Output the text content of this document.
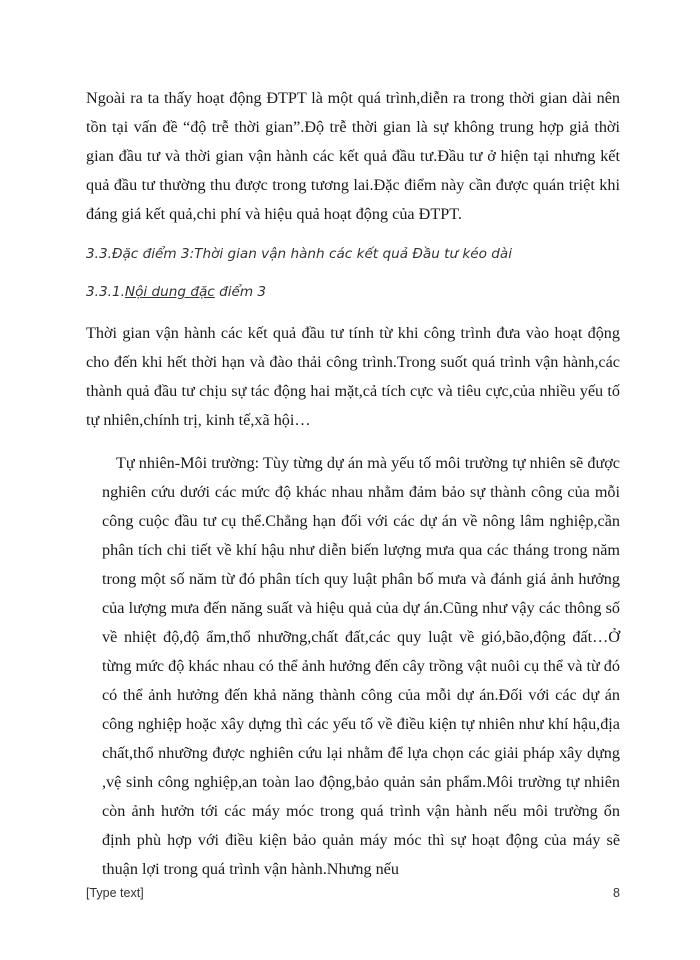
Ngoài ra ta thấy hoạt động ĐTPT là một quá trình,diễn ra trong thời gian dài nên tồn tại vấn đề “độ trễ thời gian”.Độ trễ thời gian là sự không trung hợp giả thời gian đầu tư và thời gian vận hành các kết quả đầu tư.Đầu tư ở hiện tại nhưng kết quả đầu tư thường thu được trong tương lai.Đặc điểm này cần được quán triệt khi đáng giá kết quả,chi phí và hiệu quả hoạt động của ĐTPT.

3.3.Đặc điểm 3:Thời gian vận hành các kết quả Đầu tư kéo dài
3.3.1.Nội dung đặc điểm 3

Thời gian vận hành các kết quả đầu tư tính từ khi công trình đưa vào hoạt động cho đến khi hết thời hạn và đào thải công trình.Trong suốt quá trình vận hành,các thành quả đầu tư chịu sự tác động hai mặt,cả tích cực và tiêu cực,của nhiều yếu tố tự nhiên,chính trị, kinh tế,xã hội…

Tự nhiên-Môi trường: Tùy từng dự án mà yếu tố môi trường tự nhiên sẽ được nghiên cứu dưới các mức độ khác nhau nhằm đảm bảo sự thành công của mỗi công cuộc đầu tư cụ thể.Chẳng hạn đối với các dự án về nông lâm nghiệp,cần phân tích chi tiết về khí hậu như diễn biến lượng mưa qua các tháng trong năm trong một số năm từ đó phân tích quy luật phân bố mưa và đánh giá ảnh hưởng của lượng mưa đến năng suất và hiệu quả của dự án.Cũng như vậy các thông số về nhiệt độ,độ ẩm,thổ nhưỡng,chất đất,các quy luật về gió,bão,động đất…Ở từng mức độ khác nhau có thể ảnh hưởng đến cây trồng vật nuôi cụ thể và từ đó có thể ảnh hưởng đến khả năng thành công của mỗi dự án.Đối với các dự án công nghiệp hoặc xây dựng thì các yếu tố về điều kiện tự nhiên như khí hậu,địa chất,thổ nhưỡng được nghiên cứu lại nhằm để lựa chọn các giải pháp xây dựng ,vệ sinh công nghiệp,an toàn lao động,bảo quản sản phẩm.Môi trường tự nhiên còn ảnh hưởn tới các máy móc trong quá trình vận hành nếu môi trường ổn định phù hợp với điều kiện bảo quản máy móc thì sự hoạt động của máy sẽ thuận lợi trong quá trình vận hành.Nhưng nếu

[Type text]	8
